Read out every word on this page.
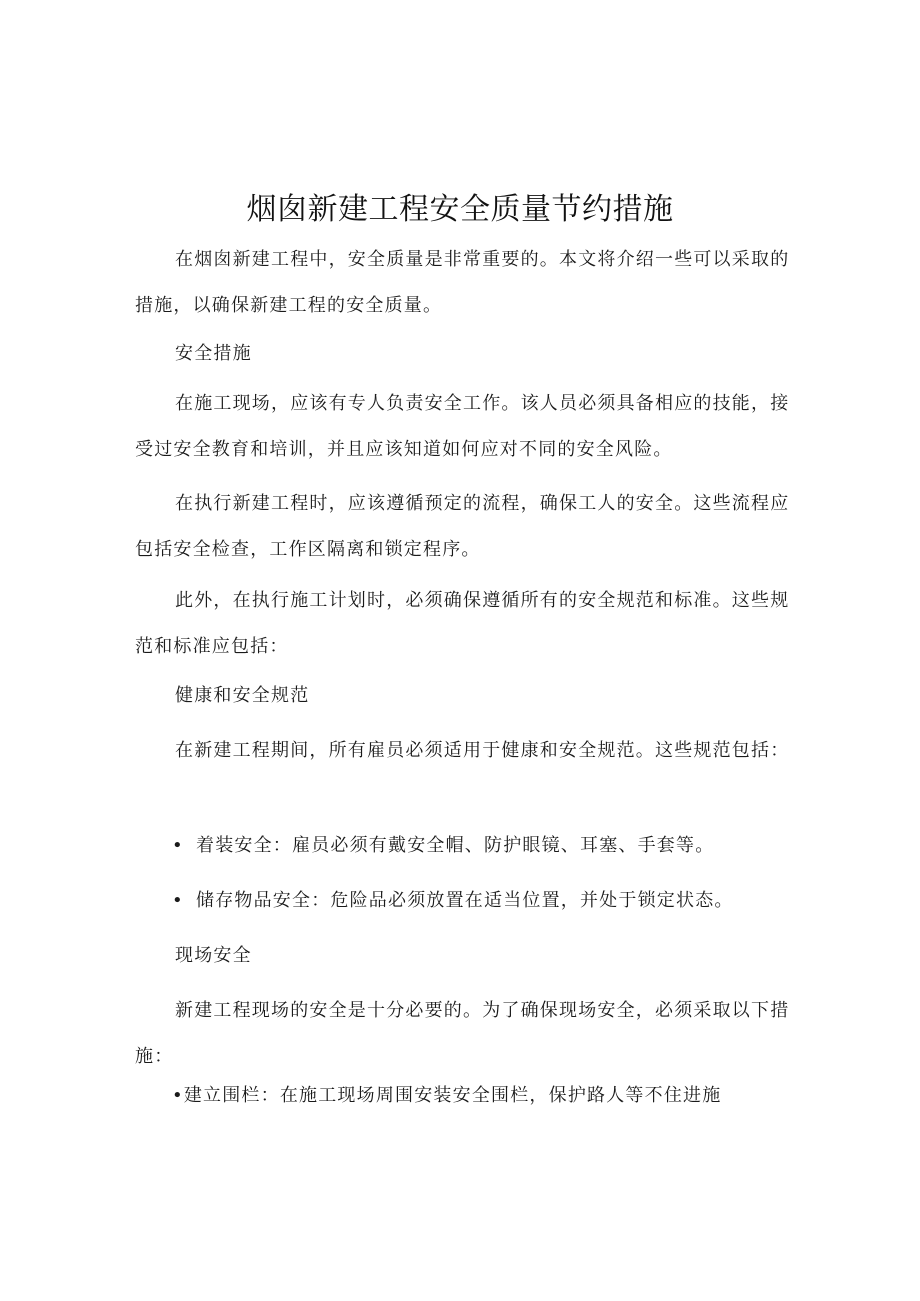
烟囱新建工程安全质量节约措施

在烟囱新建工程中，安全质量是非常重要的。本文将介绍一些可以采取的措施，以确保新建工程的安全质量。

安全措施

在施工现场，应该有专人负责安全工作。该人员必须具备相应的技能，接受过安全教育和培训，并且应该知道如何应对不同的安全风险。

在执行新建工程时，应该遵循预定的流程，确保工人的安全。这些流程应包括安全检查，工作区隔离和锁定程序。

此外，在执行施工计划时，必须确保遵循所有的安全规范和标准。这些规范和标准应包括：

健康和安全规范

在新建工程期间，所有雇员必须适用于健康和安全规范。这些规范包括：

• 着装安全：雇员必须有戴安全帽、防护眼镜、耳塞、手套等。

• 储存物品安全：危险品必须放置在适当位置，并处于锁定状态。

现场安全

新建工程现场的安全是十分必要的。为了确保现场安全，必须采取以下措施：

•建立围栏：在施工现场周围安装安全围栏，保护路人等不住进施
